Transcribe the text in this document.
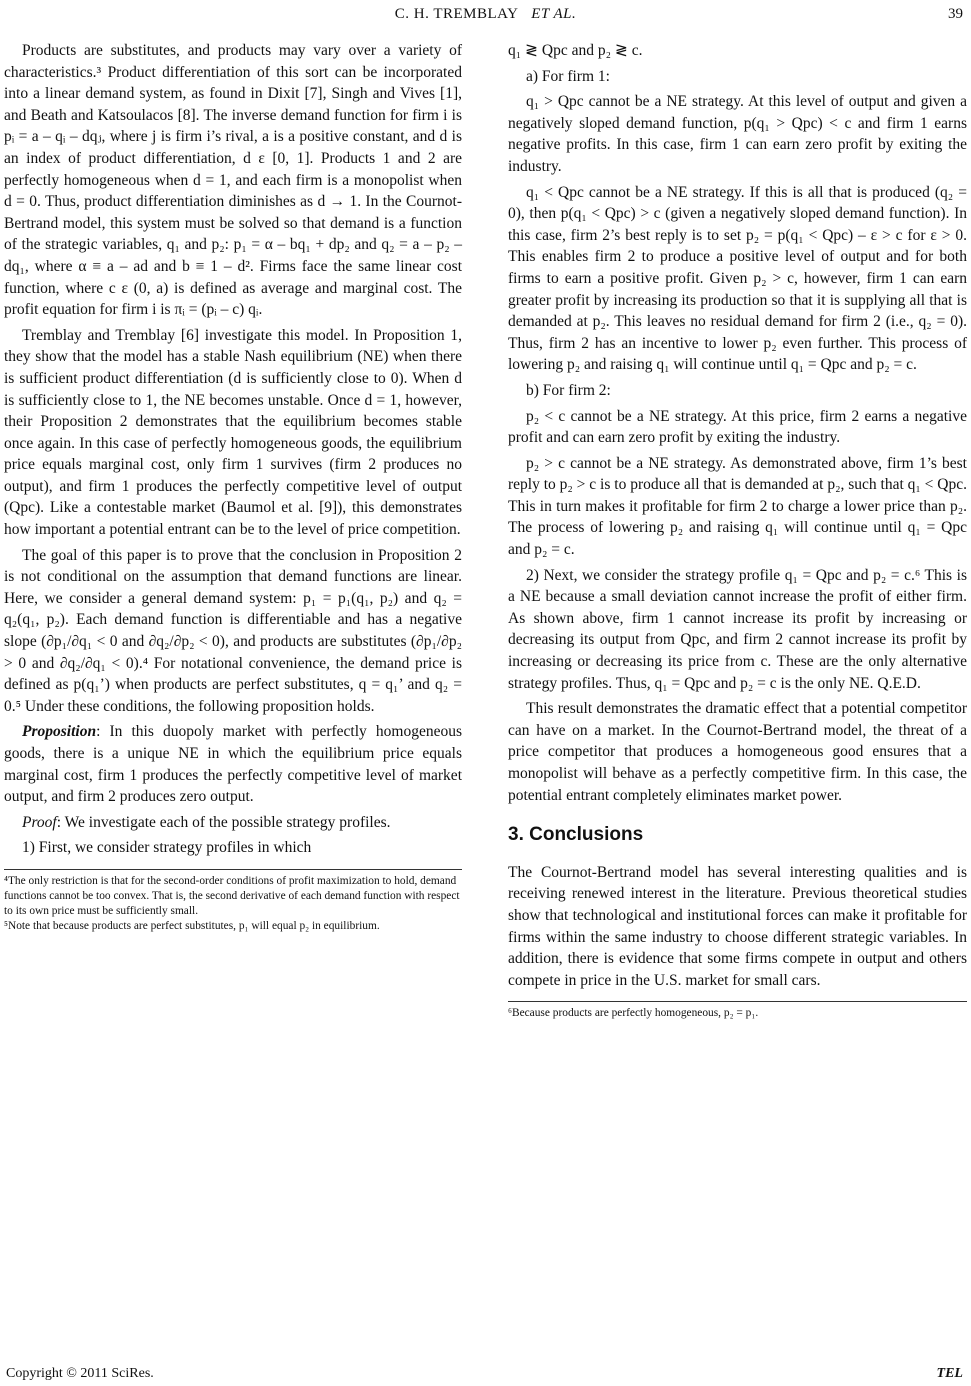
C. H. TREMBLAY ET AL.	39

Products are substitutes, and products may vary over a variety of characteristics.³ Product differentiation of this sort can be incorporated into a linear demand system, as found in Dixit [7], Singh and Vives [1], and Beath and Katsoulacos [8]. The inverse demand function for firm i is pᵢ = a – qᵢ – dqⱼ, where j is firm i’s rival, a is a positive constant, and d is an index of product differentiation, d ε [0, 1]. Products 1 and 2 are perfectly homogeneous when d = 1, and each firm is a monopolist when d = 0. Thus, product differentiation diminishes as d → 1. In the Cournot-Bertrand model, this system must be solved so that demand is a function of the strategic variables, q₁ and p₂: p₁ = α – bq₁ + dp₂ and q₂ = a – p₂ – dq₁, where α ≡ a – ad and b ≡ 1 – d². Firms face the same linear cost function, where c ε (0, a) is defined as average and marginal cost. The profit equation for firm i is πᵢ = (pᵢ – c) qᵢ.

Tremblay and Tremblay [6] investigate this model. In Proposition 1, they show that the model has a stable Nash equilibrium (NE) when there is sufficient product differentiation (d is sufficiently close to 0). When d is sufficiently close to 1, the NE becomes unstable. Once d = 1, however, their Proposition 2 demonstrates that the equilibrium becomes stable once again. In this case of perfectly homogeneous goods, the equilibrium price equals marginal cost, only firm 1 survives (firm 2 produces no output), and firm 1 produces the perfectly competitive level of output (Qpc). Like a contestable market (Baumol et al. [9]), this demonstrates how important a potential entrant can be to the level of price competition.

The goal of this paper is to prove that the conclusion in Proposition 2 is not conditional on the assumption that demand functions are linear. Here, we consider a general demand system: p₁ = p₁(q₁, p₂) and q₂ = q₂(q₁, p₂). Each demand function is differentiable and has a negative slope (∂p₁/∂q₁ < 0 and ∂q₂/∂p₂ < 0), and products are substitutes (∂p₁/∂p₂ > 0 and ∂q₂/∂q₁ < 0).⁴ For notational convenience, the demand price is defined as p(q₁’) when products are perfect substitutes, q = q₁’ and q₂ = 0.⁵ Under these conditions, the following proposition holds.

Proposition: In this duopoly market with perfectly homogeneous goods, there is a unique NE in which the equilibrium price equals marginal cost, firm 1 produces the perfectly competitive level of market output, and firm 2 produces zero output.

Proof: We investigate each of the possible strategy profiles.

1) First, we consider strategy profiles in which

⁴The only restriction is that for the second-order conditions of profit maximization to hold, demand functions cannot be too convex. That is, the second derivative of each demand function with respect to its own price must be sufficiently small.

⁵Note that because products are perfect substitutes, p₁ will equal p₂ in equilibrium.

q₁ ≷ Qpc and p₂ ≷ c.

a) For firm 1:

q₁ > Qpc cannot be a NE strategy. At this level of output and given a negatively sloped demand function, p(q₁ > Qpc) < c and firm 1 earns negative profits. In this case, firm 1 can earn zero profit by exiting the industry.

q₁ < Qpc cannot be a NE strategy. If this is all that is produced (q₂ = 0), then p(q₁ < Qpc) > c (given a negatively sloped demand function). In this case, firm 2’s best reply is to set p₂ = p(q₁ < Qpc) – ε > c for ε > 0. This enables firm 2 to produce a positive level of output and for both firms to earn a positive profit. Given p₂ > c, however, firm 1 can earn greater profit by increasing its production so that it is supplying all that is demanded at p₂. This leaves no residual demand for firm 2 (i.e., q₂ = 0). Thus, firm 2 has an incentive to lower p₂ even further. This process of lowering p₂ and raising q₁ will continue until q₁ = Qpc and p₂ = c.

b) For firm 2:

p₂ < c cannot be a NE strategy. At this price, firm 2 earns a negative profit and can earn zero profit by exiting the industry.

p₂ > c cannot be a NE strategy. As demonstrated above, firm 1’s best reply to p₂ > c is to produce all that is demanded at p₂, such that q₁ < Qpc. This in turn makes it profitable for firm 2 to charge a lower price than p₂. The process of lowering p₂ and raising q₁ will continue until q₁ = Qpc and p₂ = c.

2) Next, we consider the strategy profile q₁ = Qpc and p₂ = c.⁶ This is a NE because a small deviation cannot increase the profit of either firm. As shown above, firm 1 cannot increase its profit by increasing or decreasing its output from Qpc, and firm 2 cannot increase its profit by increasing or decreasing its price from c. These are the only alternative strategy profiles. Thus, q₁ = Qpc and p₂ = c is the only NE. Q.E.D.

This result demonstrates the dramatic effect that a potential competitor can have on a market. In the Cournot-Bertrand model, the threat of a price competitor that produces a homogeneous good ensures that a monopolist will behave as a perfectly competitive firm. In this case, the potential entrant completely eliminates market power.

3. Conclusions

The Cournot-Bertrand model has several interesting qualities and is receiving renewed interest in the literature. Previous theoretical studies show that technological and institutional forces can make it profitable for firms within the same industry to choose different strategic variables. In addition, there is evidence that some firms compete in output and others compete in price in the U.S. market for small cars.

⁶Because products are perfectly homogeneous, p₂ = p₁.

Copyright © 2011 SciRes.	TEL
